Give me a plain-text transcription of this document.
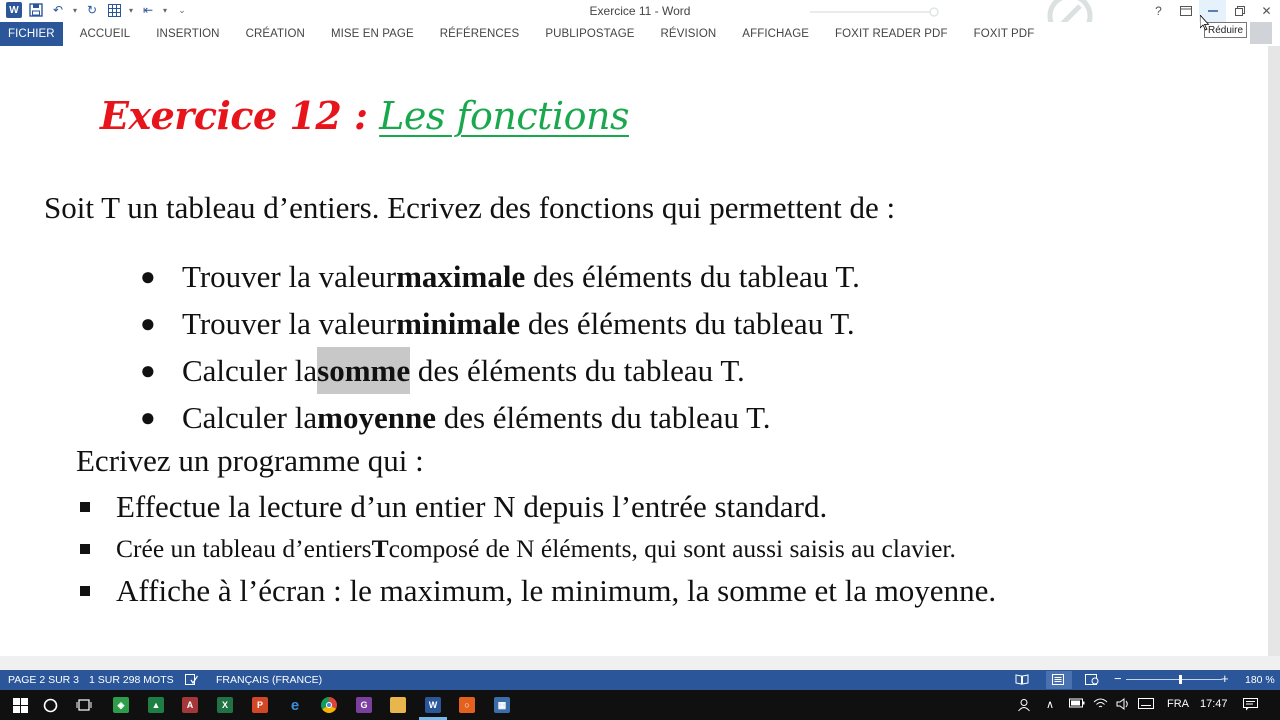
W	↶	▾ ↻	▾ ⇤	▾	⌄	Exercice 11 - Word	?	✕
FICHIER	ACCUEIL	INSERTION	CRÉATION	MISE EN PAGE	RÉFÉRENCES	PUBLIPOSTAGE	RÉVISION	AFFICHAGE	FOXIT READER PDF	FOXIT PDF	Réduire
Exercice 12 : Les fonctions
Soit T un tableau d’entiers. Ecrivez des fonctions qui permettent de :
● Trouver la valeur maximale
des éléments du tableau T.
● Trouver la valeur minimale
des éléments du tableau T.
● Calculer la somme
des éléments du tableau T.
● Calculer la moyenne
des éléments du tableau T.
Ecrivez un programme qui :
Effectue la lecture d’un entier N depuis l’entrée standard.
Crée un tableau d’entiers T composé de N éléments, qui sont aussi saisis au clavier.
Affiche à l’écran : le maximum, le minimum, la somme et la moyenne.
PAGE 2 SUR 3 1 SUR 298 MOTS	FRANÇAIS (FRANCE)	−	+ 180 %
◈	▲	A	X	P	e	G	W	○	▦	∧	FRA 17:47
